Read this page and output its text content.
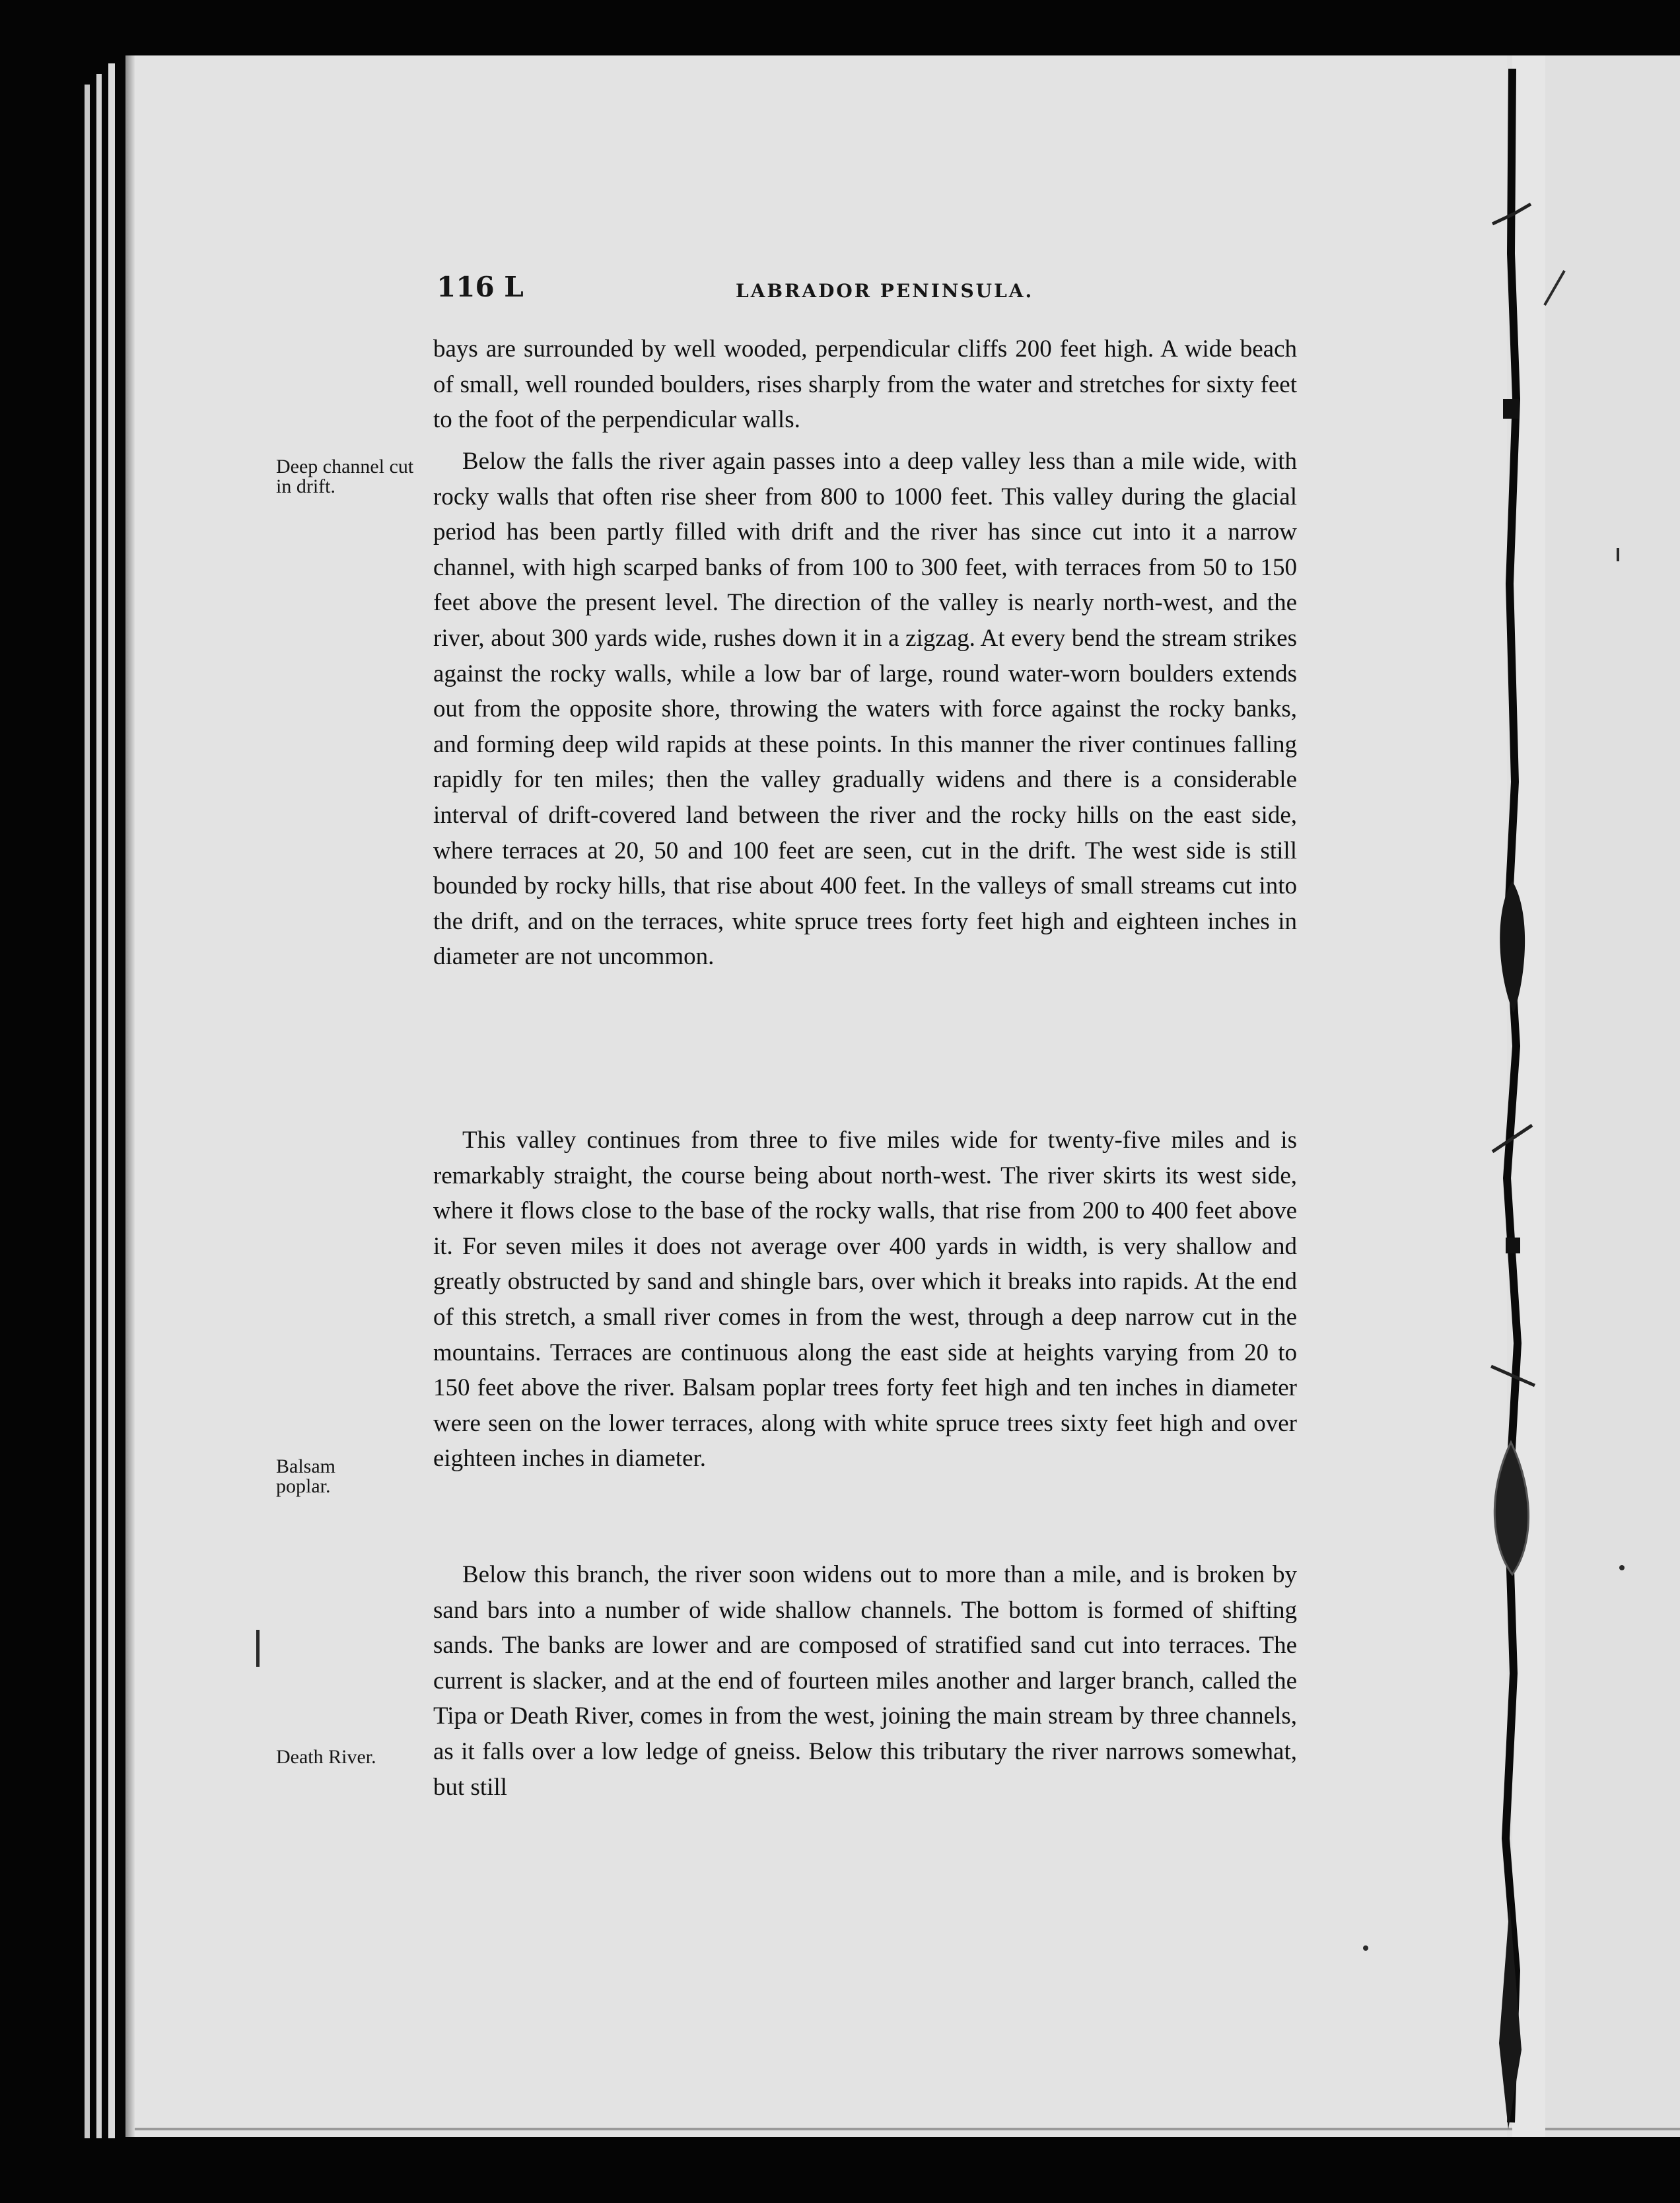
116 L	LABRADOR PENINSULA.
Deep channel cut in drift.
Balsam poplar.
Death River.

bays are surrounded by well wooded, perpendicular cliffs 200 feet high. A wide beach of small, well rounded boulders, rises sharply from the water and stretches for sixty feet to the foot of the perpendicular walls.

Below the falls the river again passes into a deep valley less than a mile wide, with rocky walls that often rise sheer from 800 to 1000 feet. This valley during the glacial period has been partly filled with drift and the river has since cut into it a narrow channel, with high scarped banks of from 100 to 300 feet, with terraces from 50 to 150 feet above the present level. The direction of the valley is nearly north-west, and the river, about 300 yards wide, rushes down it in a zigzag. At every bend the stream strikes against the rocky walls, while a low bar of large, round water-worn boulders extends out from the opposite shore, throwing the waters with force against the rocky banks, and forming deep wild rapids at these points. In this manner the river continues falling rapidly for ten miles; then the valley gradually widens and there is a considerable interval of drift-covered land between the river and the rocky hills on the east side, where terraces at 20, 50 and 100 feet are seen, cut in the drift. The west side is still bounded by rocky hills, that rise about 400 feet. In the valleys of small streams cut into the drift, and on the terraces, white spruce trees forty feet high and eighteen inches in diameter are not uncommon.

This valley continues from three to five miles wide for twenty-five miles and is remarkably straight, the course being about north-west. The river skirts its west side, where it flows close to the base of the rocky walls, that rise from 200 to 400 feet above it. For seven miles it does not average over 400 yards in width, is very shallow and greatly obstructed by sand and shingle bars, over which it breaks into rapids. At the end of this stretch, a small river comes in from the west, through a deep narrow cut in the mountains. Terraces are continuous along the east side at heights varying from 20 to 150 feet above the river. Balsam poplar trees forty feet high and ten inches in diameter were seen on the lower terraces, along with white spruce trees sixty feet high and over eighteen inches in diameter.

Below this branch, the river soon widens out to more than a mile, and is broken by sand bars into a number of wide shallow channels. The bottom is formed of shifting sands. The banks are lower and are composed of stratified sand cut into terraces. The current is slacker, and at the end of fourteen miles another and larger branch, called the Tipa or Death River, comes in from the west, joining the main stream by three channels, as it falls over a low ledge of gneiss. Below this tributary the river narrows somewhat, but still
